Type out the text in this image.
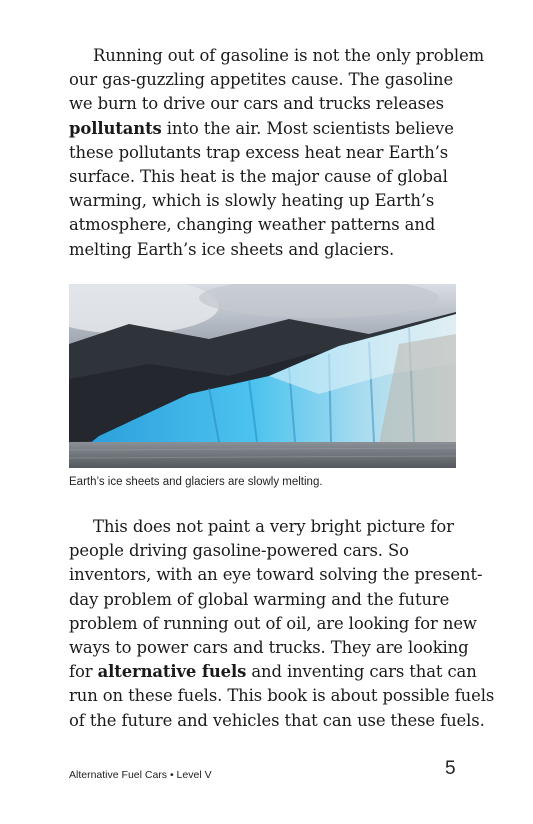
Running out of gasoline is not the only problem
our gas-guzzling appetites cause. The gasoline
we burn to drive our cars and trucks releases
pollutants into the air. Most scientists believe
these pollutants trap excess heat near Earth’s
surface. This heat is the major cause of global
warming, which is slowly heating up Earth’s
atmosphere, changing weather patterns and
melting Earth’s ice sheets and glaciers.

Earth’s ice sheets and glaciers are slowly melting.

This does not paint a very bright picture for
people driving gasoline-powered cars. So
inventors, with an eye toward solving the present-
day problem of global warming and the future
problem of running out of oil, are looking for new
ways to power cars and trucks. They are looking
for alternative fuels and inventing cars that can
run on these fuels. This book is about possible fuels
of the future and vehicles that can use these fuels.

Alternative Fuel Cars • Level V	5
